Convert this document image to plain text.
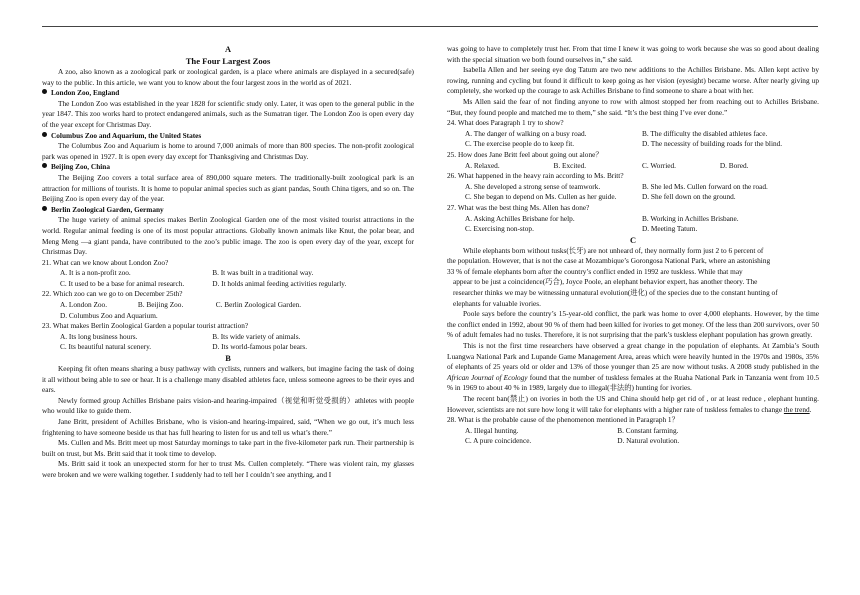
A
The Four Largest Zoos

A zoo, also known as a zoological park or zoological garden, is a place where animals are displayed in a secured(safe) way to the public. In this article, we want you to know about the four largest zoos in the world as of 2021.

London Zoo, England

The London Zoo was established in the year 1828 for scientific study only. Later, it was open to the general public in the year 1847. This zoo works hard to protect endangered animals, such as the Sumatran tiger. The London Zoo is open every day of the year except for Christmas Day.

Columbus Zoo and Aquarium, the United States

The Columbus Zoo and Aquarium is home to around 7,000 animals of more than 800 species. The non-profit zoological park was opened in 1927. It is open every day except for Thanksgiving and Christmas Day.

Beijing Zoo, China

The Beijing Zoo covers a total surface area of 890,000 square meters. The traditionally-built zoological park is an attraction for millions of tourists. It is home to popular animal species such as giant pandas, South China tigers, and so on. The Beijing Zoo is open every day of the year.

Berlin Zoological Garden, Germany

The huge variety of animal species makes Berlin Zoological Garden one of the most visited tourist attractions in the world. Regular animal feeding is one of its most popular attractions. Globally known animals like Knut, the polar bear, and Meng Meng —a giant panda, have contributed to the zoo’s public image. The zoo is open every day of the year, except for Christmas Day.

21. What can we know about London Zoo?
A. It is a non-profit zoo.	B. It was built in a traditional way.
C. It used to be a base for animal research.	D. It holds animal feeding activities regularly.
22. Which zoo can we go to on December 25th?
A. London Zoo.	B. Beijing Zoo.	C. Berlin Zoological Garden.
D. Columbus Zoo and Aquarium.
23. What makes Berlin Zoological Garden a popular tourist attraction?
A. Its long business hours.	B. Its wide variety of animals.
C. Its beautiful natural scenery.	D. Its world-famous polar bears.
B

Keeping fit often means sharing a busy pathway with cyclists, runners and walkers, but imagine facing the task of doing it all without being able to see or hear. It is a challenge many disabled athletes face, unless someone agrees to be their eyes and ears.

Newly formed group Achilles Brisbane pairs vision-and hearing-impaired（视觉和听觉受损的）athletes with people who would like to guide them.

Jane Britt, president of Achilles Brisbane, who is vision-and hearing-impaired, said, “When we go out, it’s much less frightening to have someone beside us that has full hearing to listen for us and tell us what’s there.”

Ms. Cullen and Ms. Britt meet up most Saturday mornings to take part in the five-kilometer park run. Their partnership is built on trust, but Ms. Britt said that it took time to develop.

Ms. Britt said it took an unexpected storm for her to trust Ms. Cullen completely. “There was violent rain, my glasses were broken and we were walking together. I suddenly had to tell her I couldn’t see anything, and I

was going to have to completely trust her. From that time I knew it was going to work because she was so good about dealing with the special situation we both found ourselves in,” she said.

Isabella Allen and her seeing eye dog Tatum are two new additions to the Achilles Brisbane. Ms. Allen kept active by rowing, running and cycling but found it difficult to keep going as her vision (eyesight) became worse. After nearly giving up completely, she worked up the courage to ask Achilles Brisbane to find someone to share a boat with her.

Ms Allen said the fear of not finding anyone to row with almost stopped her from reaching out to Achilles Brisbane. “But, they found people and matched me to them,” she said. “It’s the best thing I’ve ever done.”

24. What does Paragraph 1 try to show?
A. The danger of walking on a busy road.	B. The difficulty the disabled athletes face.
C. The exercise people do to keep fit.	D. The necessity of building roads for the blind.
25. How does Jane Britt feel about going out alone？
A. Relaxed.	B. Excited.	C. Worried.	D. Bored.
26. What happened in the heavy rain according to Ms. Britt?
A. She developed a strong sense of teamwork.	B. She led Ms. Cullen forward on the road.
C. She began to depend on Ms. Cullen as her guide.	D. She fell down on the ground.
27. What was the best thing Ms. Allen has done?
A. Asking Achilles Brisbane for help.	B. Working in Achilles Brisbane.
C. Exercising non-stop.	D. Meeting Tatum.
C
While elephants born without tusks(长牙) are not unheard of, they normally form just 2 to 6 percent of
the population. However, that is not the case at Mozambique’s Gorongosa National Park, where an astonishing
33 % of female elephants born after the country’s conflict ended in 1992 are tuskless. While that may
appear to be just a coincidence(巧合), Joyce Poole, an elephant behavior expert, has another theory. The
researcher thinks we may be witnessing unnatural evolution(进化) of the species due to the constant hunting of
elephants for valuable ivories.

Poole says before the country’s 15-year-old conflict, the park was home to over 4,000 elephants. However, by the time the conflict ended in 1992, about 90 % of them had been killed for ivories to get money. Of the less than 200 survivors, over 50 % of adult females had no tusks. Therefore, it is not surprising that the park’s tuskless elephant population has grown greatly.

This is not the first time researchers have observed a great change in the population of elephants. At Zambia’s South Luangwa National Park and Lupande Game Management Area, areas which were heavily hunted in the 1970s and 1980s, 35% of elephants of 25 years old or older and 13% of those younger than 25 are now without tusks. A 2008 study published in the African Journal of Ecology found that the number of tuskless females at the Ruaha National Park in Tanzania went from 10.5 % in 1969 to about 40 % in 1989, largely due to illegal(非法的) hunting for ivories.

The recent ban(禁止) on ivories in both the US and China should help get rid of , or at least reduce , elephant hunting. However, scientists are not sure how long it will take for elephants with a higher rate of tuskless females to change the trend.

28. What is the probable cause of the phenomenon mentioned in Paragraph 1？
A. Illegal hunting.	B. Constant farming.
C. A pure coincidence.	D. Natural evolution.
